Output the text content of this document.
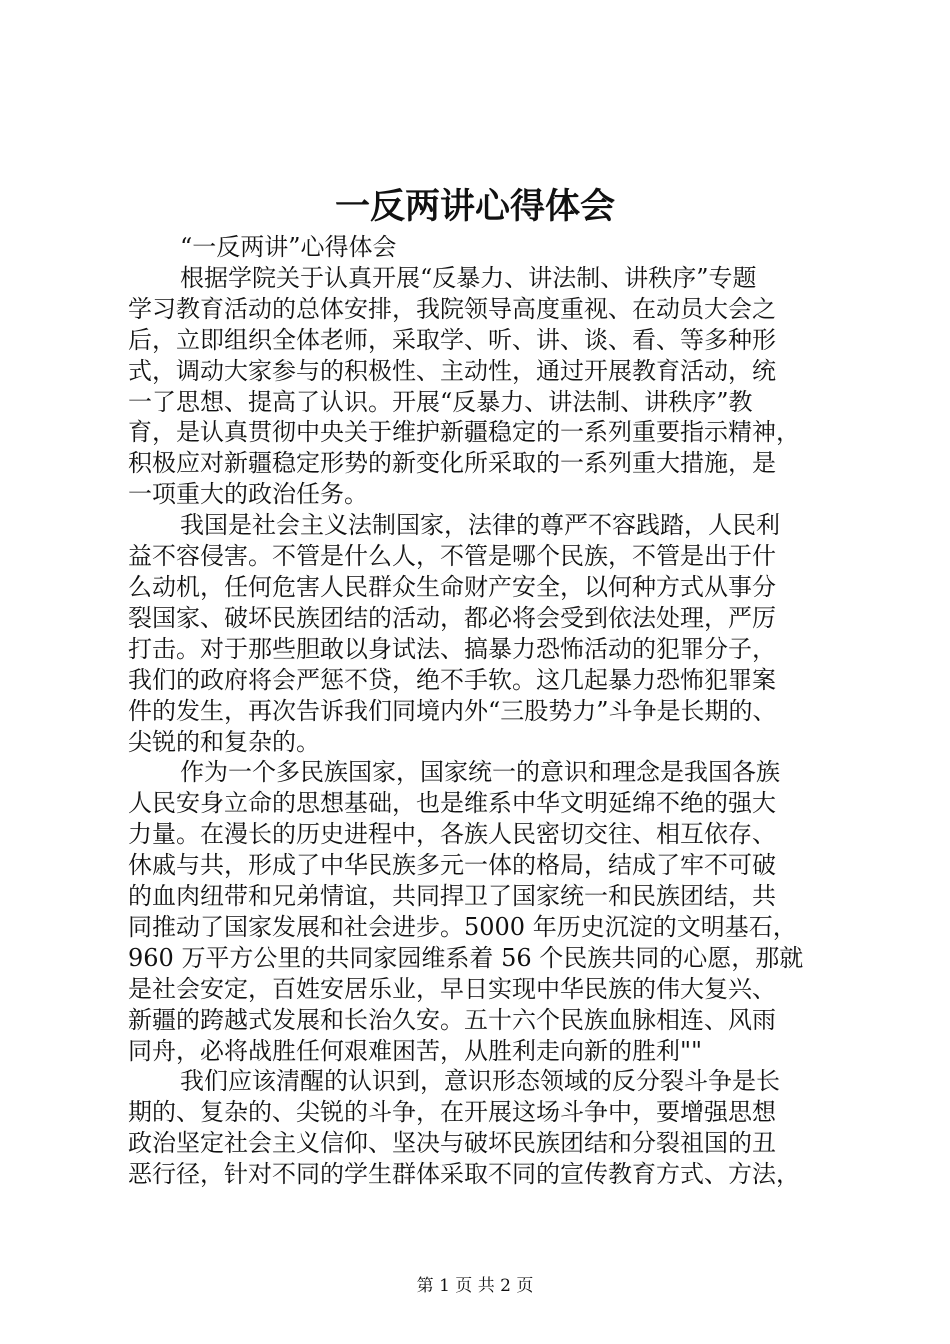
一反两讲心得体会
“一反两讲”心得体会
根据学院关于认真开展“反暴力、讲法制、讲秩序”专题
学习教育活动的总体安排，我院领导高度重视、在动员大会之
后，立即组织全体老师，采取学、听、讲、谈、看、等多种形
式，调动大家参与的积极性、主动性，通过开展教育活动，统
一了思想、提高了认识。开展“反暴力、讲法制、讲秩序”教
育，是认真贯彻中央关于维护新疆稳定的一系列重要指示精神，
积极应对新疆稳定形势的新变化所采取的一系列重大措施，是
一项重大的政治任务。
我国是社会主义法制国家，法律的尊严不容践踏，人民利
益不容侵害。不管是什么人，不管是哪个民族，不管是出于什
么动机，任何危害人民群众生命财产安全，以何种方式从事分
裂国家、破坏民族团结的活动，都必将会受到依法处理，严厉
打击。对于那些胆敢以身试法、搞暴力恐怖活动的犯罪分子，
我们的政府将会严惩不贷，绝不手软。这几起暴力恐怖犯罪案
件的发生，再次告诉我们同境内外“三股势力”斗争是长期的、
尖锐的和复杂的。
作为一个多民族国家，国家统一的意识和理念是我国各族
人民安身立命的思想基础，也是维系中华文明延绵不绝的强大
力量。在漫长的历史进程中，各族人民密切交往、相互依存、
休戚与共，形成了中华民族多元一体的格局，结成了牢不可破
的血肉纽带和兄弟情谊，共同捍卫了国家统一和民族团结，共
同推动了国家发展和社会进步。5000 年历史沉淀的文明基石，
960 万平方公里的共同家园维系着 56 个民族共同的心愿，那就
是社会安定，百姓安居乐业，早日实现中华民族的伟大复兴、
新疆的跨越式发展和长治久安。五十六个民族血脉相连、风雨
同舟，必将战胜任何艰难困苦，从胜利走向新的胜利""
我们应该清醒的认识到，意识形态领域的反分裂斗争是长
期的、复杂的、尖锐的斗争，在开展这场斗争中，要增强思想
政治坚定社会主义信仰、坚决与破坏民族团结和分裂祖国的丑
恶行径，针对不同的学生群体采取不同的宣传教育方式、方法，
第 1 页 共 2 页
